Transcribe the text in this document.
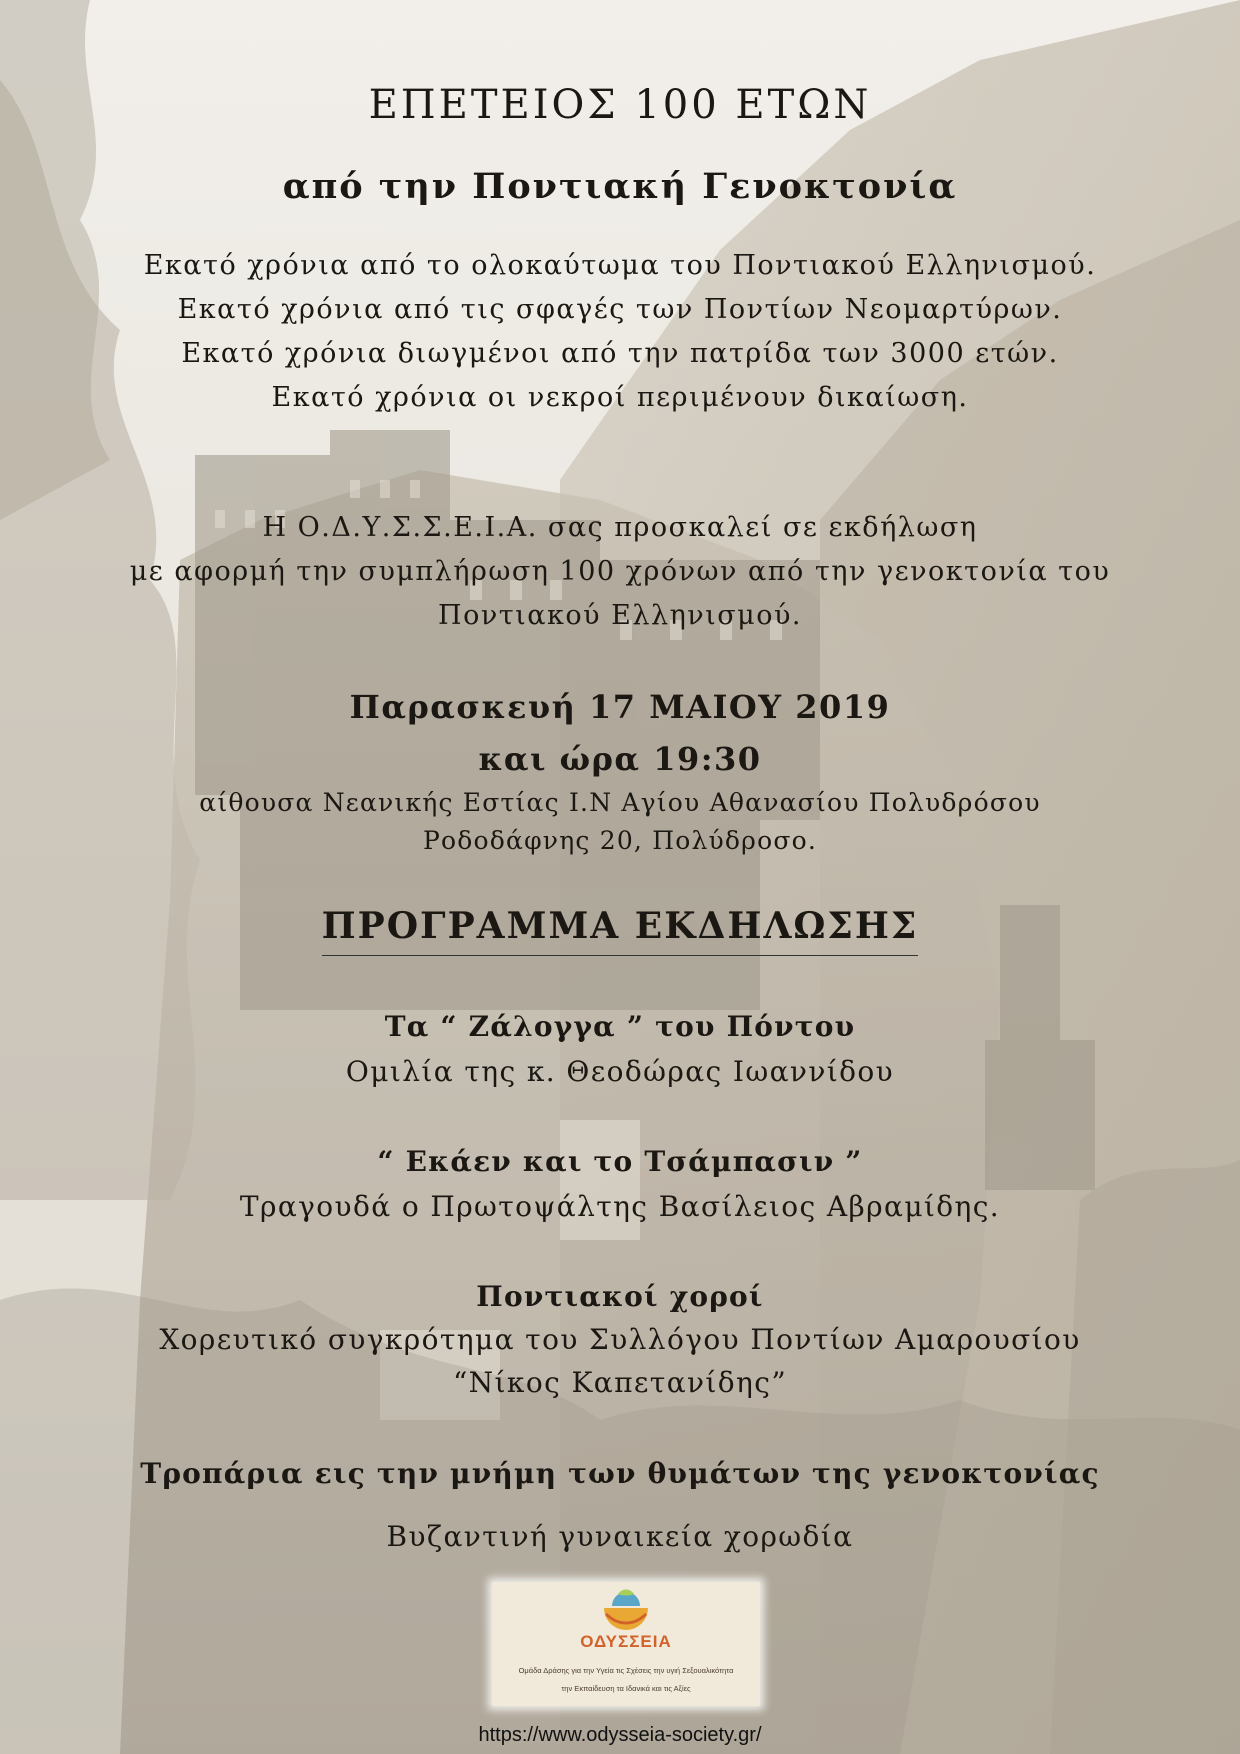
ΕΠΕΤΕΙΟΣ 100 ΕΤΩΝ
από την Ποντιακή Γενοκτονία
Εκατό χρόνια από το ολοκαύτωμα του Ποντιακού Ελληνισμού.
Εκατό χρόνια από τις σφαγές των Ποντίων Νεομαρτύρων.
Εκατό χρόνια διωγμένοι από την πατρίδα των 3000 ετών.
Εκατό χρόνια οι νεκροί περιμένουν δικαίωση.
Η Ο.Δ.Υ.Σ.Σ.Ε.Ι.Α. σας προσκαλεί σε εκδήλωση
με αφορμή την συμπλήρωση 100 χρόνων από την γενοκτονία του
Ποντιακού Ελληνισμού.
Παρασκευή 17 ΜΑΙΟΥ 2019
και ώρα 19:30
αίθουσα Νεανικής Εστίας Ι.Ν Αγίου Αθανασίου Πολυδρόσου
Ροδοδάφνης 20, Πολύδροσο.
ΠΡΟΓΡΑΜΜΑ ΕΚΔΗΛΩΣΗΣ
Τα “ Ζάλογγα ” του Πόντου
Ομιλία της κ. Θεοδώρας Ιωαννίδου
“ Εκάεν και το Τσάμπασιν ”
Τραγουδά ο Πρωτοψάλτης Βασίλειος Αβραμίδης.
Ποντιακοί χοροί
Χορευτικό συγκρότημα του Συλλόγου Ποντίων Αμαρουσίου
“Νίκος Καπετανίδης”
Τροπάρια εις την μνήμη των θυμάτων της γενοκτονίας
Βυζαντινή γυναικεία χορωδία
ΟΔΥΣΣΕΙΑ
Ομάδα Δράσης για την Υγεία τις Σχέσεις την υγιή Σεξουαλικότητα
την Εκπαίδευση τα Ιδανικά και τις Αξίες
https://www.odysseia-society.gr/
